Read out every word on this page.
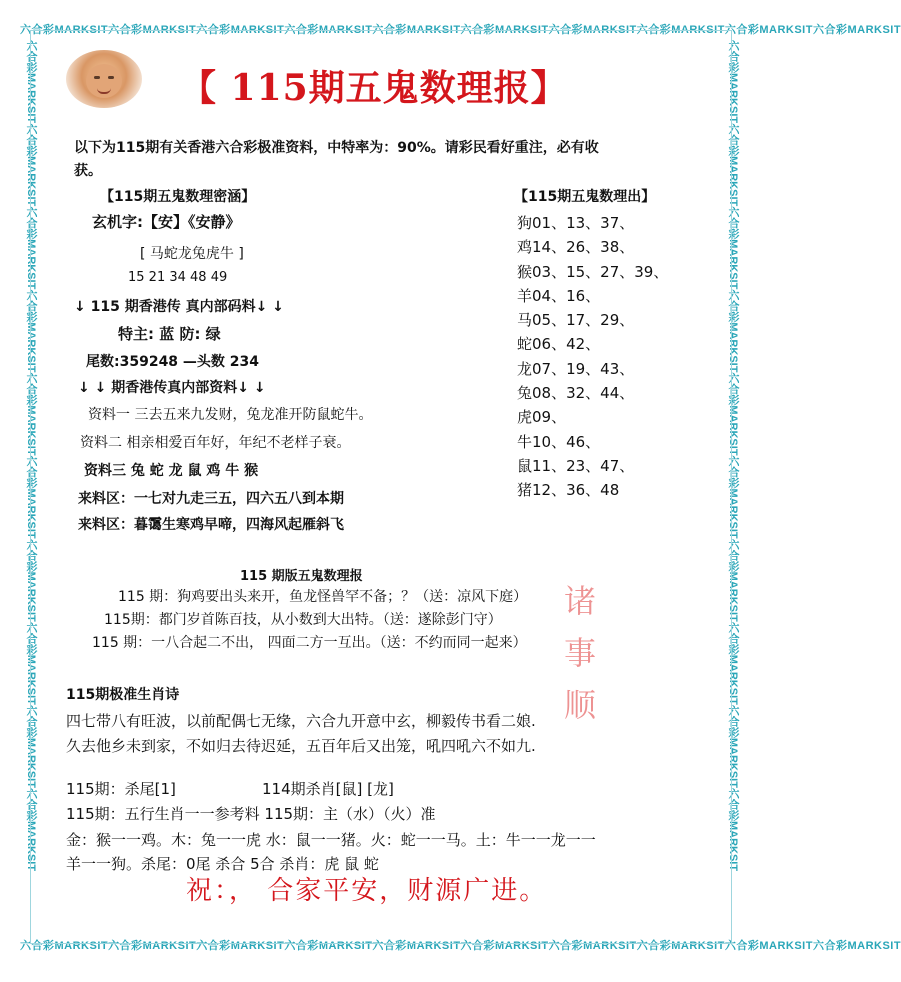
六合彩MARKSIT六合彩MARKSIT六合彩MARKSIT六合彩MARKSIT六合彩MARKSIT六合彩MARKSIT六合彩MARKSIT六合彩MARKSIT六合彩MARKSIT六合彩MARKSIT
六合彩MARKSIT六合彩MARKSIT六合彩MARKSIT六合彩MARKSIT六合彩MARKSIT六合彩MARKSIT六合彩MARKSIT六合彩MARKSIT六合彩MARKSIT六合彩MARKSIT
六合彩MARKSIT六合彩MARKSIT六合彩MARKSIT六合彩MARKSIT六合彩MARKSIT六合彩MARKSIT六合彩MARKSIT六合彩MARKSIT六合彩MARKSIT六合彩MARKSIT	六合彩MARKSIT六合彩MARKSIT六合彩MARKSIT六合彩MARKSIT六合彩MARKSIT六合彩MARKSIT六合彩MARKSIT六合彩MARKSIT六合彩MARKSIT六合彩MARKSIT
【 115期五鬼数理报】
以下为115期有关香港六合彩极准资料，中特率为：90%。请彩民看好重注，必有收
获。
【115期五鬼数理密涵】
玄机字:【安】《安静》
[ 马蛇龙兔虎牛 ]
15 21 34 48 49
↓ 115 期香港传 真内部码料↓ ↓
特主: 蓝 防: 绿
尾数:359248 —头数 234
↓ ↓ 期香港传真内部资料↓ ↓
资料一 三去五来九发财，兔龙准开防鼠蛇牛。
资料二 相亲相爱百年好，年纪不老样子衰。
资料三 兔 蛇 龙 鼠 鸡 牛 猴
来料区：一七对九走三五，四六五八到本期
来料区：暮霭生寒鸡早啼，四海风起雁斜飞
【115期五鬼数理出】
狗01、13、37、
鸡14、26、38、
猴03、15、27、39、
羊04、16、
马05、17、29、
蛇06、42、
龙07、19、43、
兔08、32、44、
虎09、
牛10、46、
鼠11、23、47、
猪12、36、48
115 期版五鬼数理报
115 期：狗鸡要出头来开，鱼龙怪兽罕不备；？（送：凉风下庭）
115期：都门岁首陈百技，从小数到大出特。（送：遂除彭门守）
115 期：一八合起二不出， 四面二方一互出。（送：不约而同一起来）
115期极准生肖诗
四七带八有旺波，以前配偶七无缘，六合九开意中玄，柳毅传书看二娘.
久去他乡未到家，不如归去待迟延，五百年后又出笼，吼四吼六不如九.
115期：杀尾[1]	114期杀肖[鼠] [龙]
115期：五行生肖一一参考料 115期：主（水）（火）准
金：猴一一鸡。木：兔一一虎 水：鼠一一猪。火：蛇一一马。土：牛一一龙一一
羊一一狗。杀尾：0尾 杀合 5合 杀肖：虎 鼠 蛇
诸事顺
祝：， 合家平安，财源广进。
